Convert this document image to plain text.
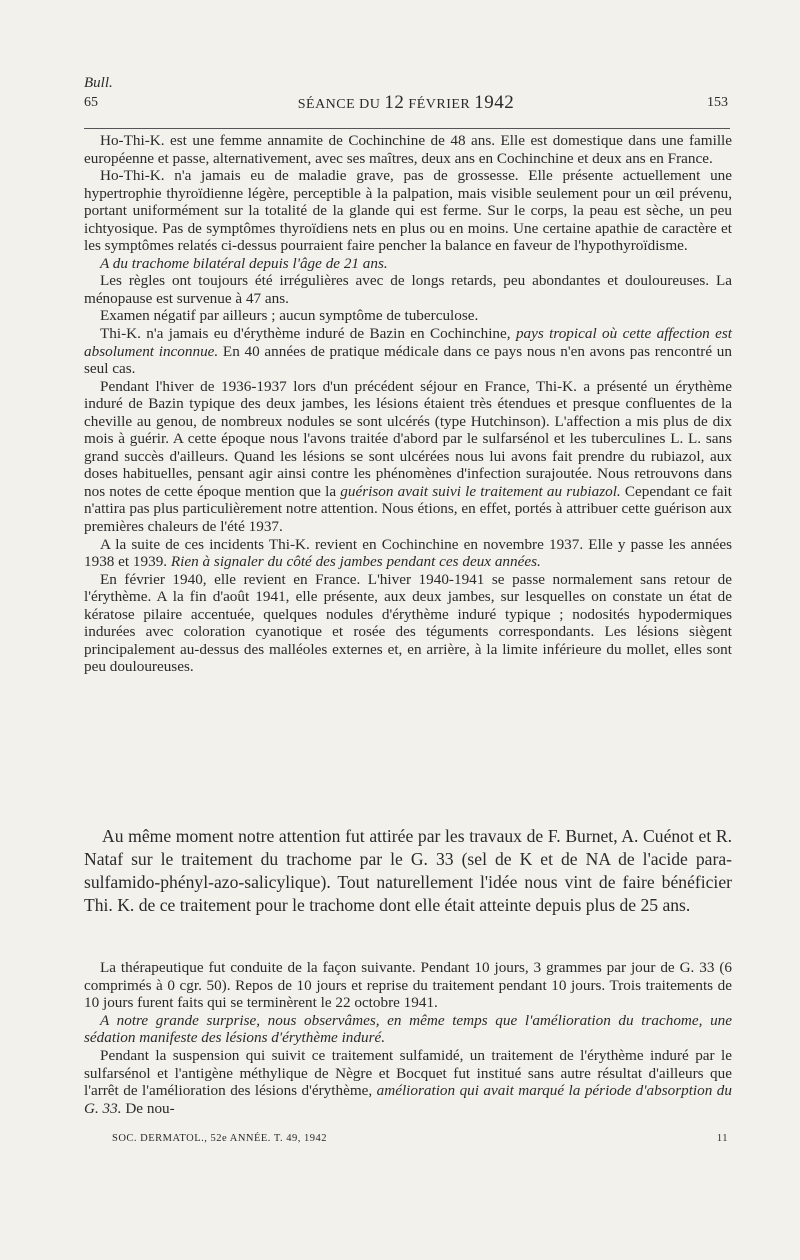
Bull.
65	SÉANCE DU 12 FÉVRIER 1942	153

Ho-Thi-K. est une femme annamite de Cochinchine de 48 ans. Elle est domestique dans une famille européenne et passe, alternativement, avec ses maîtres, deux ans en Cochinchine et deux ans en France.

Ho-Thi-K. n'a jamais eu de maladie grave, pas de grossesse. Elle présente actuellement une hypertrophie thyroïdienne légère, perceptible à la palpation, mais visible seulement pour un œil prévenu, portant uniformément sur la totalité de la glande qui est ferme. Sur le corps, la peau est sèche, un peu ichtyosique. Pas de symptômes thyroïdiens nets en plus ou en moins. Une certaine apathie de caractère et les symptômes relatés ci-dessus pourraient faire pencher la balance en faveur de l'hypothyroïdisme.

A du trachome bilatéral depuis l'âge de 21 ans.

Les règles ont toujours été irrégulières avec de longs retards, peu abondantes et douloureuses. La ménopause est survenue à 47 ans.

Examen négatif par ailleurs ; aucun symptôme de tuberculose.

Thi-K. n'a jamais eu d'érythème induré de Bazin en Cochinchine, pays tropical où cette affection est absolument inconnue. En 40 années de pratique médicale dans ce pays nous n'en avons pas rencontré un seul cas.

Pendant l'hiver de 1936-1937 lors d'un précédent séjour en France, Thi-K. a présenté un érythème induré de Bazin typique des deux jambes, les lésions étaient très étendues et presque confluentes de la cheville au genou, de nombreux nodules se sont ulcérés (type Hutchinson). L'affection a mis plus de dix mois à guérir. A cette époque nous l'avons traitée d'abord par le sulfarsénol et les tuberculines L. L. sans grand succès d'ailleurs. Quand les lésions se sont ulcérées nous lui avons fait prendre du rubiazol, aux doses habituelles, pensant agir ainsi contre les phénomènes d'infection surajoutée. Nous retrouvons dans nos notes de cette époque mention que la guérison avait suivi le traitement au rubiazol. Cependant ce fait n'attira pas plus particulièrement notre attention. Nous étions, en effet, portés à attribuer cette guérison aux premières chaleurs de l'été 1937.

A la suite de ces incidents Thi-K. revient en Cochinchine en novembre 1937. Elle y passe les années 1938 et 1939. Rien à signaler du côté des jambes pendant ces deux années.

En février 1940, elle revient en France. L'hiver 1940-1941 se passe normalement sans retour de l'érythème. A la fin d'août 1941, elle présente, aux deux jambes, sur lesquelles on constate un état de kératose pilaire accentuée, quelques nodules d'érythème induré typique ; nodosités hypodermiques indurées avec coloration cyanotique et rosée des téguments correspondants. Les lésions siègent principalement au-dessus des malléoles externes et, en arrière, à la limite inférieure du mollet, elles sont peu douloureuses.

Au même moment notre attention fut attirée par les travaux de F. Burnet, A. Cuénot et R. Nataf sur le traitement du trachome par le G. 33 (sel de K et de NA de l'acide para-sulfamido-phényl-azo-salicylique). Tout naturellement l'idée nous vint de faire bénéficier Thi. K. de ce traitement pour le trachome dont elle était atteinte depuis plus de 25 ans.

La thérapeutique fut conduite de la façon suivante. Pendant 10 jours, 3 grammes par jour de G. 33 (6 comprimés à 0 cgr. 50). Repos de 10 jours et reprise du traitement pendant 10 jours. Trois traitements de 10 jours furent faits qui se terminèrent le 22 octobre 1941.

A notre grande surprise, nous observâmes, en même temps que l'amélioration du trachome, une sédation manifeste des lésions d'érythème induré.

Pendant la suspension qui suivit ce traitement sulfamidé, un traitement de l'érythème induré par le sulfarsénol et l'antigène méthylique de Nègre et Bocquet fut institué sans autre résultat d'ailleurs que l'arrêt de l'amélioration des lésions d'érythème, amélioration qui avait marqué la période d'absorption du G. 33. De nou-

SOC. DERMATOL., 52e ANNÉE. T. 49, 1942	11
